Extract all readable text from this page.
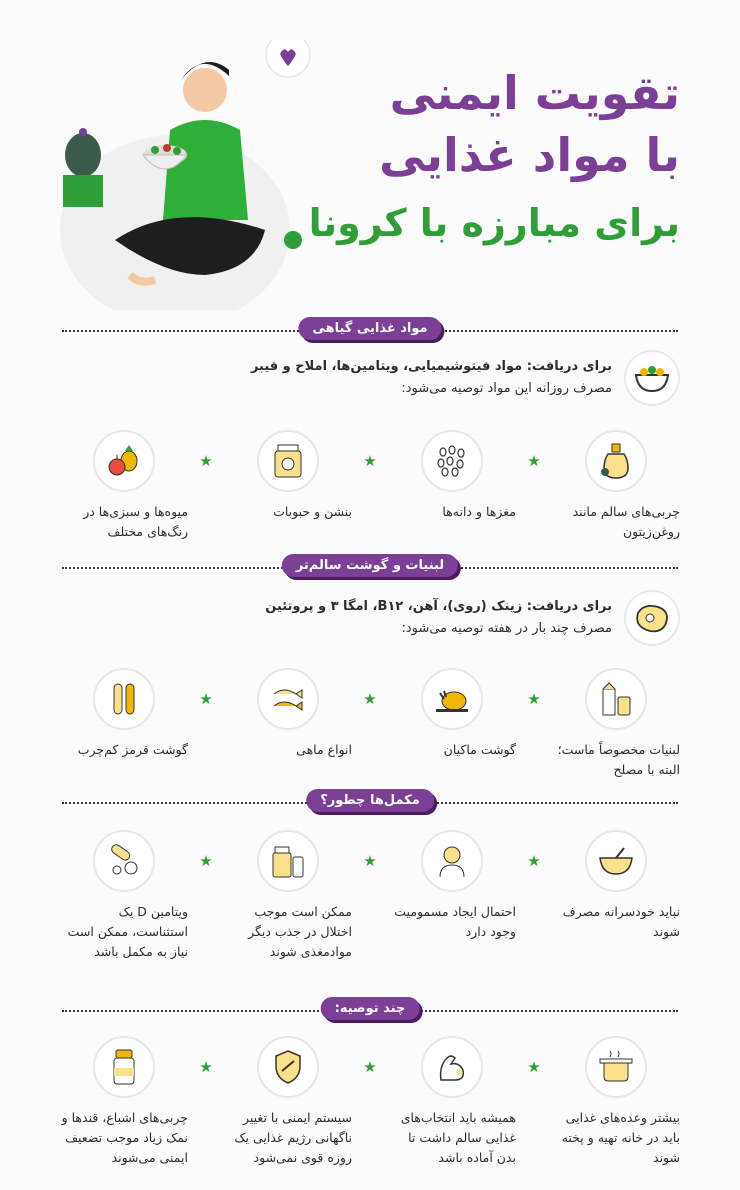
تقویت ایمنی
با مواد غذایی
برای مبارزه با کرونا
مواد غذایی گیاهی
برای دریافت: مواد فیتوشیمیایی، ویتامین‌ها، املاح و فیبر
مصرف روزانه این مواد توصیه می‌شود:
چربی‌های سالم مانند روغن‌زیتون
★
مغزها و دانه‌ها
★
بنشن و حبوبات
★
میوه‌ها و سبزی‌ها در رنگ‌های مختلف
لبنیات و گوشت سالم‌تر
برای دریافت: زینک (روی)، آهن، B۱۲، امگا ۳ و پروتئین
مصرف چند بار در هفته توصیه می‌شود:
لبنیات مخصوصاً ماست؛ البته با مصلح
★
گوشت ماکیان
★
انواع ماهی
★
گوشت قرمز کم‌چرب
مکمل‌ها چطور؟
نباید خودسرانه مصرف شوند
★
احتمال ایجاد مسمومیت وجود دارد
★
ممکن است موجب اختلال در جذب دیگر موادمغذی شوند
★
ویتامین D یک استثناست، ممکن است نیاز به مکمل باشد
چند توصیه:
بیشتر وعده‌های غذایی باید در خانه تهیه و پخته شوند
★
همیشه باید انتخاب‌های غذایی سالم داشت تا بدن آماده باشد
★
سیستم ایمنی با تغییر ناگهانی رژیم غذایی یک روزه قوی نمی‌شود
★
چربی‌های اشباع، قندها و نمک زیاد موجب تضعیف ایمنی می‌شوند
